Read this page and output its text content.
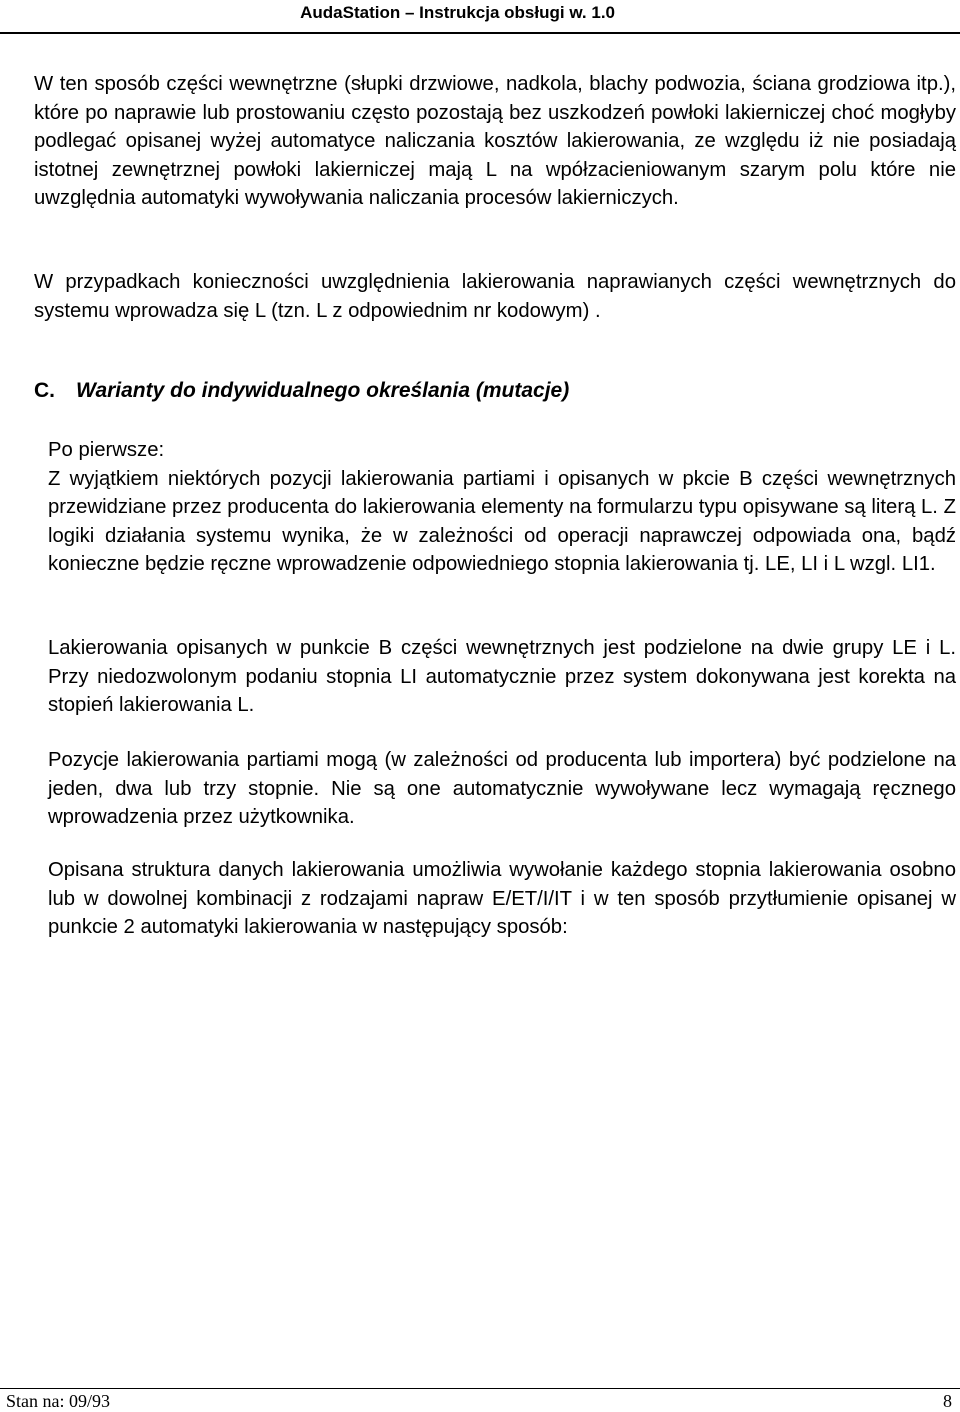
AudaStation – Instrukcja obsługi w. 1.0

W ten sposób części wewnętrzne (słupki drzwiowe, nadkola, blachy podwozia, ściana grodziowa itp.), które po naprawie lub prostowaniu często pozostają bez uszkodzeń powłoki lakierniczej choć mogłyby podlegać opisanej wyżej automatyce naliczania kosztów lakierowania, ze względu iż nie posiadają istotnej zewnętrznej powłoki lakierniczej mają L na wpółzacieniowanym szarym polu które nie uwzględnia automatyki wywoływania naliczania procesów lakierniczych.

W przypadkach konieczności uwzględnienia lakierowania naprawianych części wewnętrznych do systemu wprowadza się L (tzn. L z odpowiednim nr kodowym) .

C. Warianty do indywidualnego określania (mutacje)

Po pierwsze:
Z wyjątkiem niektórych pozycji lakierowania partiami i opisanych w pkcie B części wewnętrznych przewidziane przez producenta do lakierowania elementy na formularzu typu opisywane są literą L. Z logiki działania systemu wynika, że w zależności od operacji naprawczej odpowiada ona, bądź konieczne będzie ręczne wprowadzenie odpowiedniego stopnia lakierowania tj. LE, LI i L wzgl. LI1.

Lakierowania opisanych w punkcie B części wewnętrznych jest podzielone na dwie grupy LE i L. Przy niedozwolonym podaniu stopnia LI automatycznie przez system dokonywana jest korekta na stopień lakierowania L.

Pozycje lakierowania partiami mogą (w zależności od producenta lub importera) być podzielone na jeden, dwa lub trzy stopnie. Nie są one automatycznie wywoływane lecz wymagają ręcznego wprowadzenia przez użytkownika.

Opisana struktura danych lakierowania umożliwia wywołanie każdego stopnia lakierowania osobno lub w dowolnej kombinacji z rodzajami napraw E/ET/I/IT i w ten sposób przytłumienie opisanej w punkcie 2 automatyki lakierowania w następujący sposób:

Stan na: 09/93	8
